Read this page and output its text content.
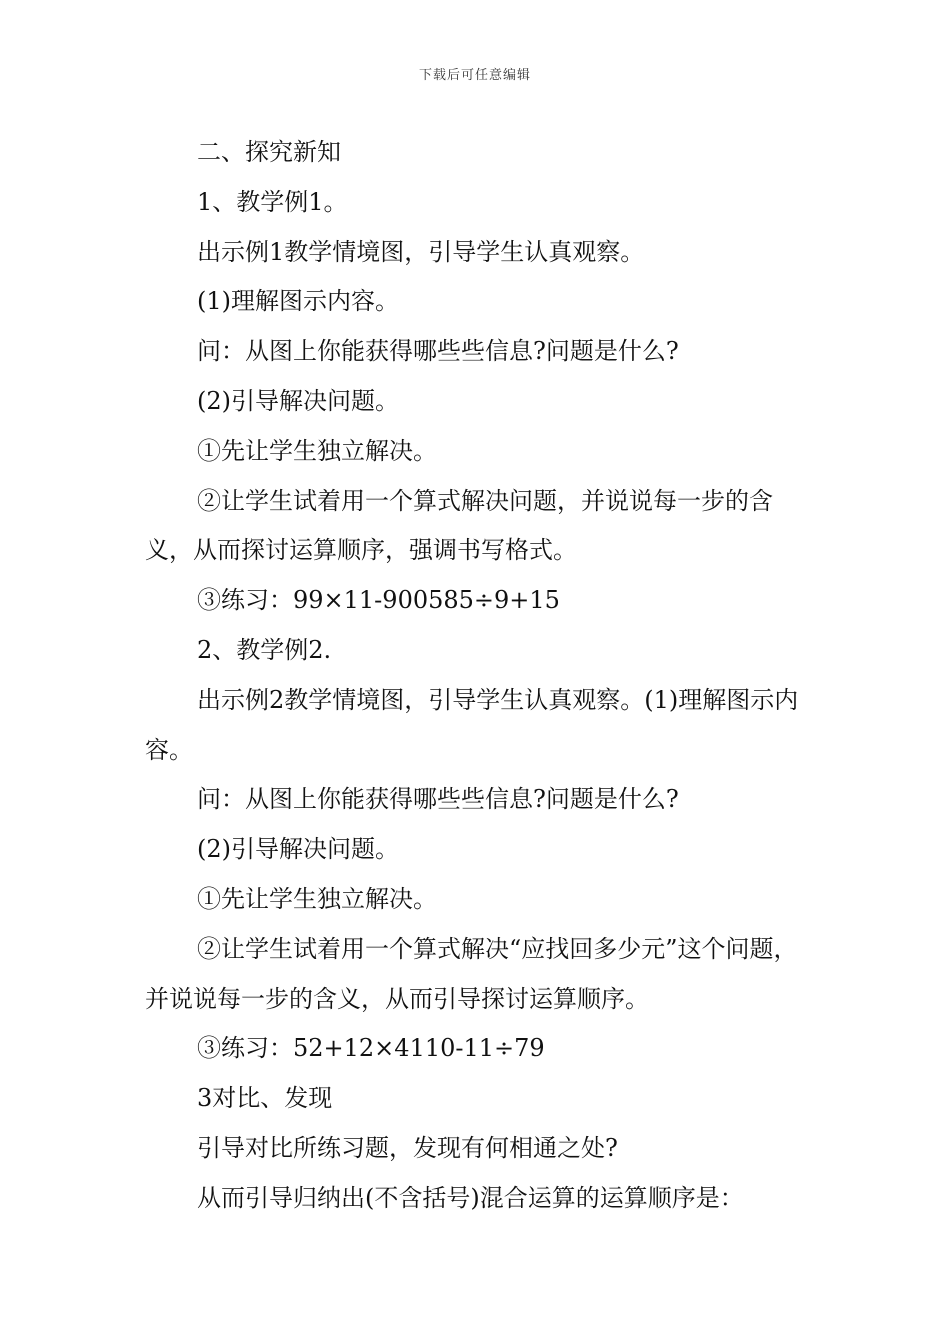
下载后可任意编辑

二、探究新知

1、教学例1。

出示例1教学情境图，引导学生认真观察。

(1)理解图示内容。

问：从图上你能获得哪些些信息?问题是什么?

(2)引导解决问题。

①先让学生独立解决。

②让学生试着用一个算式解决问题，并说说每一步的含义，从而探讨运算顺序，强调书写格式。

③练习：99×11-900585÷9+15

2、教学例2.

出示例2教学情境图，引导学生认真观察。(1)理解图示内容。

问：从图上你能获得哪些些信息?问题是什么?

(2)引导解决问题。

①先让学生独立解决。

②让学生试着用一个算式解决“应找回多少元”这个问题，并说说每一步的含义，从而引导探讨运算顺序。

③练习：52+12×4110-11÷79

3对比、发现

引导对比所练习题，发现有何相通之处?

从而引导归纳出(不含括号)混合运算的运算顺序是：
